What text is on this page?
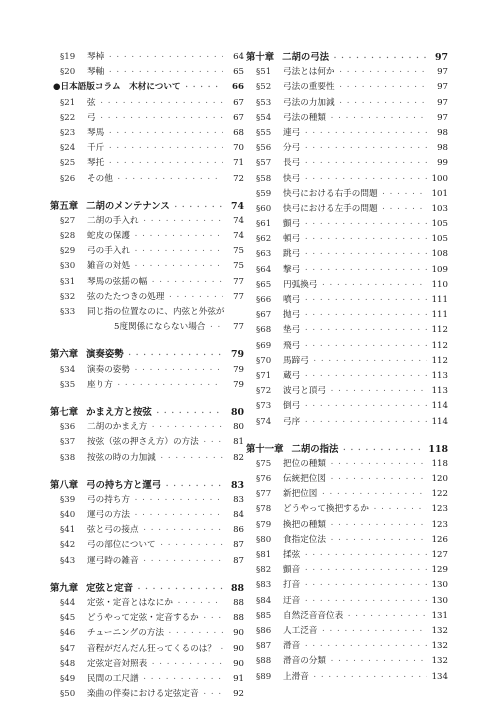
§19	琴棹 ・・・・・・・・・・・・・・・・・・・・・・・・・・・・・・・・・・・・・・・・・・・・・・・・・・・・・・・・・・・・・・・	64
§20	琴軸 ・・・・・・・・・・・・・・・・・・・・・・・・・・・・・・・・・・・・・・・・・・・・・・・・・・・・・・・・・・・・・・・	65
●日本語版コラム　木材について ・・・・・・・・・・・・・・・・・・・・・・・・・・・・・・・・・・・・・・・・・・・・・・・・・・・・・・・・・・・・・・・	66
§21	弦 ・・・・・・・・・・・・・・・・・・・・・・・・・・・・・・・・・・・・・・・・・・・・・・・・・・・・・・・・・・・・・・・	67
§22	弓 ・・・・・・・・・・・・・・・・・・・・・・・・・・・・・・・・・・・・・・・・・・・・・・・・・・・・・・・・・・・・・・・	67
§23	琴馬 ・・・・・・・・・・・・・・・・・・・・・・・・・・・・・・・・・・・・・・・・・・・・・・・・・・・・・・・・・・・・・・・	68
§24	千斤 ・・・・・・・・・・・・・・・・・・・・・・・・・・・・・・・・・・・・・・・・・・・・・・・・・・・・・・・・・・・・・・・	70
§25	琴托 ・・・・・・・・・・・・・・・・・・・・・・・・・・・・・・・・・・・・・・・・・・・・・・・・・・・・・・・・・・・・・・・	71
§26	その他 ・・・・・・・・・・・・・・・・・・・・・・・・・・・・・・・・・・・・・・・・・・・・・・・・・・・・・・・・・・・・・・・	72
第五章 二胡のメンテナンス ・・・・・・・・・・・・・・・・・・・・・・・・・・・・・・・・・・・・・・・・・・・・・・・・・・・・・・・・・・・・・・・	74
§27	二胡の手入れ ・・・・・・・・・・・・・・・・・・・・・・・・・・・・・・・・・・・・・・・・・・・・・・・・・・・・・・・・・・・・・・・	74
§28	蛇皮の保護 ・・・・・・・・・・・・・・・・・・・・・・・・・・・・・・・・・・・・・・・・・・・・・・・・・・・・・・・・・・・・・・・	74
§29	弓の手入れ ・・・・・・・・・・・・・・・・・・・・・・・・・・・・・・・・・・・・・・・・・・・・・・・・・・・・・・・・・・・・・・・	75
§30	雑音の対処 ・・・・・・・・・・・・・・・・・・・・・・・・・・・・・・・・・・・・・・・・・・・・・・・・・・・・・・・・・・・・・・・	75
§31	琴馬の弦揺の幅 ・・・・・・・・・・・・・・・・・・・・・・・・・・・・・・・・・・・・・・・・・・・・・・・・・・・・・・・・・・・・・・・	77
§32	弦のたたつきの処理 ・・・・・・・・・・・・・・・・・・・・・・・・・・・・・・・・・・・・・・・・・・・・・・・・・・・・・・・・・・・・・・・	77
§33	同じ指の位置なのに、内弦と外弦が
5度関係にならない場合 ・・・・・・・・・・・・・・・・・・・・・・・・・・・・・・・・・・・・・・・・・・・・・・・・・・・・・・・・・・・・・・・	77
第六章 演奏姿勢 ・・・・・・・・・・・・・・・・・・・・・・・・・・・・・・・・・・・・・・・・・・・・・・・・・・・・・・・・・・・・・・・	79
§34	演奏の姿勢 ・・・・・・・・・・・・・・・・・・・・・・・・・・・・・・・・・・・・・・・・・・・・・・・・・・・・・・・・・・・・・・・	79
§35	座り方 ・・・・・・・・・・・・・・・・・・・・・・・・・・・・・・・・・・・・・・・・・・・・・・・・・・・・・・・・・・・・・・・	79
第七章 かまえ方と按弦 ・・・・・・・・・・・・・・・・・・・・・・・・・・・・・・・・・・・・・・・・・・・・・・・・・・・・・・・・・・・・・・・	80
§36	二胡のかまえ方 ・・・・・・・・・・・・・・・・・・・・・・・・・・・・・・・・・・・・・・・・・・・・・・・・・・・・・・・・・・・・・・・	80
§37	按弦（弦の押さえ方）の方法 ・・・・・・・・・・・・・・・・・・・・・・・・・・・・・・・・・・・・・・・・・・・・・・・・・・・・・・・・・・・・・・・	81
§38	按弦の時の力加減 ・・・・・・・・・・・・・・・・・・・・・・・・・・・・・・・・・・・・・・・・・・・・・・・・・・・・・・・・・・・・・・・	82
第八章 弓の持ち方と運弓 ・・・・・・・・・・・・・・・・・・・・・・・・・・・・・・・・・・・・・・・・・・・・・・・・・・・・・・・・・・・・・・・	83
§39	弓の持ち方 ・・・・・・・・・・・・・・・・・・・・・・・・・・・・・・・・・・・・・・・・・・・・・・・・・・・・・・・・・・・・・・・	83
§40	運弓の方法 ・・・・・・・・・・・・・・・・・・・・・・・・・・・・・・・・・・・・・・・・・・・・・・・・・・・・・・・・・・・・・・・	84
§41	弦と弓の接点 ・・・・・・・・・・・・・・・・・・・・・・・・・・・・・・・・・・・・・・・・・・・・・・・・・・・・・・・・・・・・・・・	86
§42	弓の部位について ・・・・・・・・・・・・・・・・・・・・・・・・・・・・・・・・・・・・・・・・・・・・・・・・・・・・・・・・・・・・・・・	87
§43	運弓時の雑音 ・・・・・・・・・・・・・・・・・・・・・・・・・・・・・・・・・・・・・・・・・・・・・・・・・・・・・・・・・・・・・・・	87
第九章 定弦と定音 ・・・・・・・・・・・・・・・・・・・・・・・・・・・・・・・・・・・・・・・・・・・・・・・・・・・・・・・・・・・・・・・	88
§44	定弦・定音とはなにか ・・・・・・・・・・・・・・・・・・・・・・・・・・・・・・・・・・・・・・・・・・・・・・・・・・・・・・・・・・・・・・・	88
§45	どうやって定弦・定音するか ・・・・・・・・・・・・・・・・・・・・・・・・・・・・・・・・・・・・・・・・・・・・・・・・・・・・・・・・・・・・・・・	88
§46	チューニングの方法 ・・・・・・・・・・・・・・・・・・・・・・・・・・・・・・・・・・・・・・・・・・・・・・・・・・・・・・・・・・・・・・・	90
§47	音程がだんだん狂ってくるのは？ ・・・・・・・・・・・・・・・・・・・・・・・・・・・・・・・・・・・・・・・・・・・・・・・・・・・・・・・・・・・・・・・	90
§48	定弦定音対照表 ・・・・・・・・・・・・・・・・・・・・・・・・・・・・・・・・・・・・・・・・・・・・・・・・・・・・・・・・・・・・・・・	90
§49	民間の工尺譜 ・・・・・・・・・・・・・・・・・・・・・・・・・・・・・・・・・・・・・・・・・・・・・・・・・・・・・・・・・・・・・・・	91
§50	楽曲の伴奏における定弦定音 ・・・・・・・・・・・・・・・・・・・・・・・・・・・・・・・・・・・・・・・・・・・・・・・・・・・・・・・・・・・・・・・	92
第十章 二胡の弓法 ・・・・・・・・・・・・・・・・・・・・・・・・・・・・・・・・・・・・・・・・・・・・・・・・・・・・・・・・・・・・・・・	97
§51	弓法とは何か ・・・・・・・・・・・・・・・・・・・・・・・・・・・・・・・・・・・・・・・・・・・・・・・・・・・・・・・・・・・・・・・	97
§52	弓法の重要性 ・・・・・・・・・・・・・・・・・・・・・・・・・・・・・・・・・・・・・・・・・・・・・・・・・・・・・・・・・・・・・・・	97
§53	弓法の力加減 ・・・・・・・・・・・・・・・・・・・・・・・・・・・・・・・・・・・・・・・・・・・・・・・・・・・・・・・・・・・・・・・	97
§54	弓法の種類 ・・・・・・・・・・・・・・・・・・・・・・・・・・・・・・・・・・・・・・・・・・・・・・・・・・・・・・・・・・・・・・・	97
§55	連弓 ・・・・・・・・・・・・・・・・・・・・・・・・・・・・・・・・・・・・・・・・・・・・・・・・・・・・・・・・・・・・・・・	98
§56	分弓 ・・・・・・・・・・・・・・・・・・・・・・・・・・・・・・・・・・・・・・・・・・・・・・・・・・・・・・・・・・・・・・・	98
§57	長弓 ・・・・・・・・・・・・・・・・・・・・・・・・・・・・・・・・・・・・・・・・・・・・・・・・・・・・・・・・・・・・・・・	99
§58	快弓 ・・・・・・・・・・・・・・・・・・・・・・・・・・・・・・・・・・・・・・・・・・・・・・・・・・・・・・・・・・・・・・・	100
§59	快弓における右手の問題 ・・・・・・・・・・・・・・・・・・・・・・・・・・・・・・・・・・・・・・・・・・・・・・・・・・・・・・・・・・・・・・・	101
§60	快弓における左手の問題 ・・・・・・・・・・・・・・・・・・・・・・・・・・・・・・・・・・・・・・・・・・・・・・・・・・・・・・・・・・・・・・・	103
§61	顫弓 ・・・・・・・・・・・・・・・・・・・・・・・・・・・・・・・・・・・・・・・・・・・・・・・・・・・・・・・・・・・・・・・	105
§62	頓弓 ・・・・・・・・・・・・・・・・・・・・・・・・・・・・・・・・・・・・・・・・・・・・・・・・・・・・・・・・・・・・・・・	105
§63	跳弓 ・・・・・・・・・・・・・・・・・・・・・・・・・・・・・・・・・・・・・・・・・・・・・・・・・・・・・・・・・・・・・・・	108
§64	撃弓 ・・・・・・・・・・・・・・・・・・・・・・・・・・・・・・・・・・・・・・・・・・・・・・・・・・・・・・・・・・・・・・・	109
§65	円弧換弓 ・・・・・・・・・・・・・・・・・・・・・・・・・・・・・・・・・・・・・・・・・・・・・・・・・・・・・・・・・・・・・・・	110
§66	噴弓 ・・・・・・・・・・・・・・・・・・・・・・・・・・・・・・・・・・・・・・・・・・・・・・・・・・・・・・・・・・・・・・・	111
§67	抛弓 ・・・・・・・・・・・・・・・・・・・・・・・・・・・・・・・・・・・・・・・・・・・・・・・・・・・・・・・・・・・・・・・	111
§68	垫弓 ・・・・・・・・・・・・・・・・・・・・・・・・・・・・・・・・・・・・・・・・・・・・・・・・・・・・・・・・・・・・・・・	112
§69	飛弓 ・・・・・・・・・・・・・・・・・・・・・・・・・・・・・・・・・・・・・・・・・・・・・・・・・・・・・・・・・・・・・・・	112
§70	馬蹄弓 ・・・・・・・・・・・・・・・・・・・・・・・・・・・・・・・・・・・・・・・・・・・・・・・・・・・・・・・・・・・・・・・	112
§71	蔵弓 ・・・・・・・・・・・・・・・・・・・・・・・・・・・・・・・・・・・・・・・・・・・・・・・・・・・・・・・・・・・・・・・	113
§72	波弓と頂弓 ・・・・・・・・・・・・・・・・・・・・・・・・・・・・・・・・・・・・・・・・・・・・・・・・・・・・・・・・・・・・・・・	113
§73	倒弓 ・・・・・・・・・・・・・・・・・・・・・・・・・・・・・・・・・・・・・・・・・・・・・・・・・・・・・・・・・・・・・・・	114
§74	弓序 ・・・・・・・・・・・・・・・・・・・・・・・・・・・・・・・・・・・・・・・・・・・・・・・・・・・・・・・・・・・・・・・	114
第十一章 二胡の指法 ・・・・・・・・・・・・・・・・・・・・・・・・・・・・・・・・・・・・・・・・・・・・・・・・・・・・・・・・・・・・・・・	118
§75	把位の種類 ・・・・・・・・・・・・・・・・・・・・・・・・・・・・・・・・・・・・・・・・・・・・・・・・・・・・・・・・・・・・・・・	118
§76	伝統把位図 ・・・・・・・・・・・・・・・・・・・・・・・・・・・・・・・・・・・・・・・・・・・・・・・・・・・・・・・・・・・・・・・	120
§77	新把位図 ・・・・・・・・・・・・・・・・・・・・・・・・・・・・・・・・・・・・・・・・・・・・・・・・・・・・・・・・・・・・・・・	122
§78	どうやって換把するか ・・・・・・・・・・・・・・・・・・・・・・・・・・・・・・・・・・・・・・・・・・・・・・・・・・・・・・・・・・・・・・・	123
§79	換把の種類 ・・・・・・・・・・・・・・・・・・・・・・・・・・・・・・・・・・・・・・・・・・・・・・・・・・・・・・・・・・・・・・・	123
§80	食指定位法 ・・・・・・・・・・・・・・・・・・・・・・・・・・・・・・・・・・・・・・・・・・・・・・・・・・・・・・・・・・・・・・・	126
§81	揉弦 ・・・・・・・・・・・・・・・・・・・・・・・・・・・・・・・・・・・・・・・・・・・・・・・・・・・・・・・・・・・・・・・	127
§82	顫音 ・・・・・・・・・・・・・・・・・・・・・・・・・・・・・・・・・・・・・・・・・・・・・・・・・・・・・・・・・・・・・・・	129
§83	打音 ・・・・・・・・・・・・・・・・・・・・・・・・・・・・・・・・・・・・・・・・・・・・・・・・・・・・・・・・・・・・・・・	130
§84	迂音 ・・・・・・・・・・・・・・・・・・・・・・・・・・・・・・・・・・・・・・・・・・・・・・・・・・・・・・・・・・・・・・・	130
§85	自然泛音音位表 ・・・・・・・・・・・・・・・・・・・・・・・・・・・・・・・・・・・・・・・・・・・・・・・・・・・・・・・・・・・・・・・	131
§86	人工泛音 ・・・・・・・・・・・・・・・・・・・・・・・・・・・・・・・・・・・・・・・・・・・・・・・・・・・・・・・・・・・・・・・	132
§87	滑音 ・・・・・・・・・・・・・・・・・・・・・・・・・・・・・・・・・・・・・・・・・・・・・・・・・・・・・・・・・・・・・・・	132
§88	滑音の分類 ・・・・・・・・・・・・・・・・・・・・・・・・・・・・・・・・・・・・・・・・・・・・・・・・・・・・・・・・・・・・・・・	132
§89	上滑音 ・・・・・・・・・・・・・・・・・・・・・・・・・・・・・・・・・・・・・・・・・・・・・・・・・・・・・・・・・・・・・・・	134
